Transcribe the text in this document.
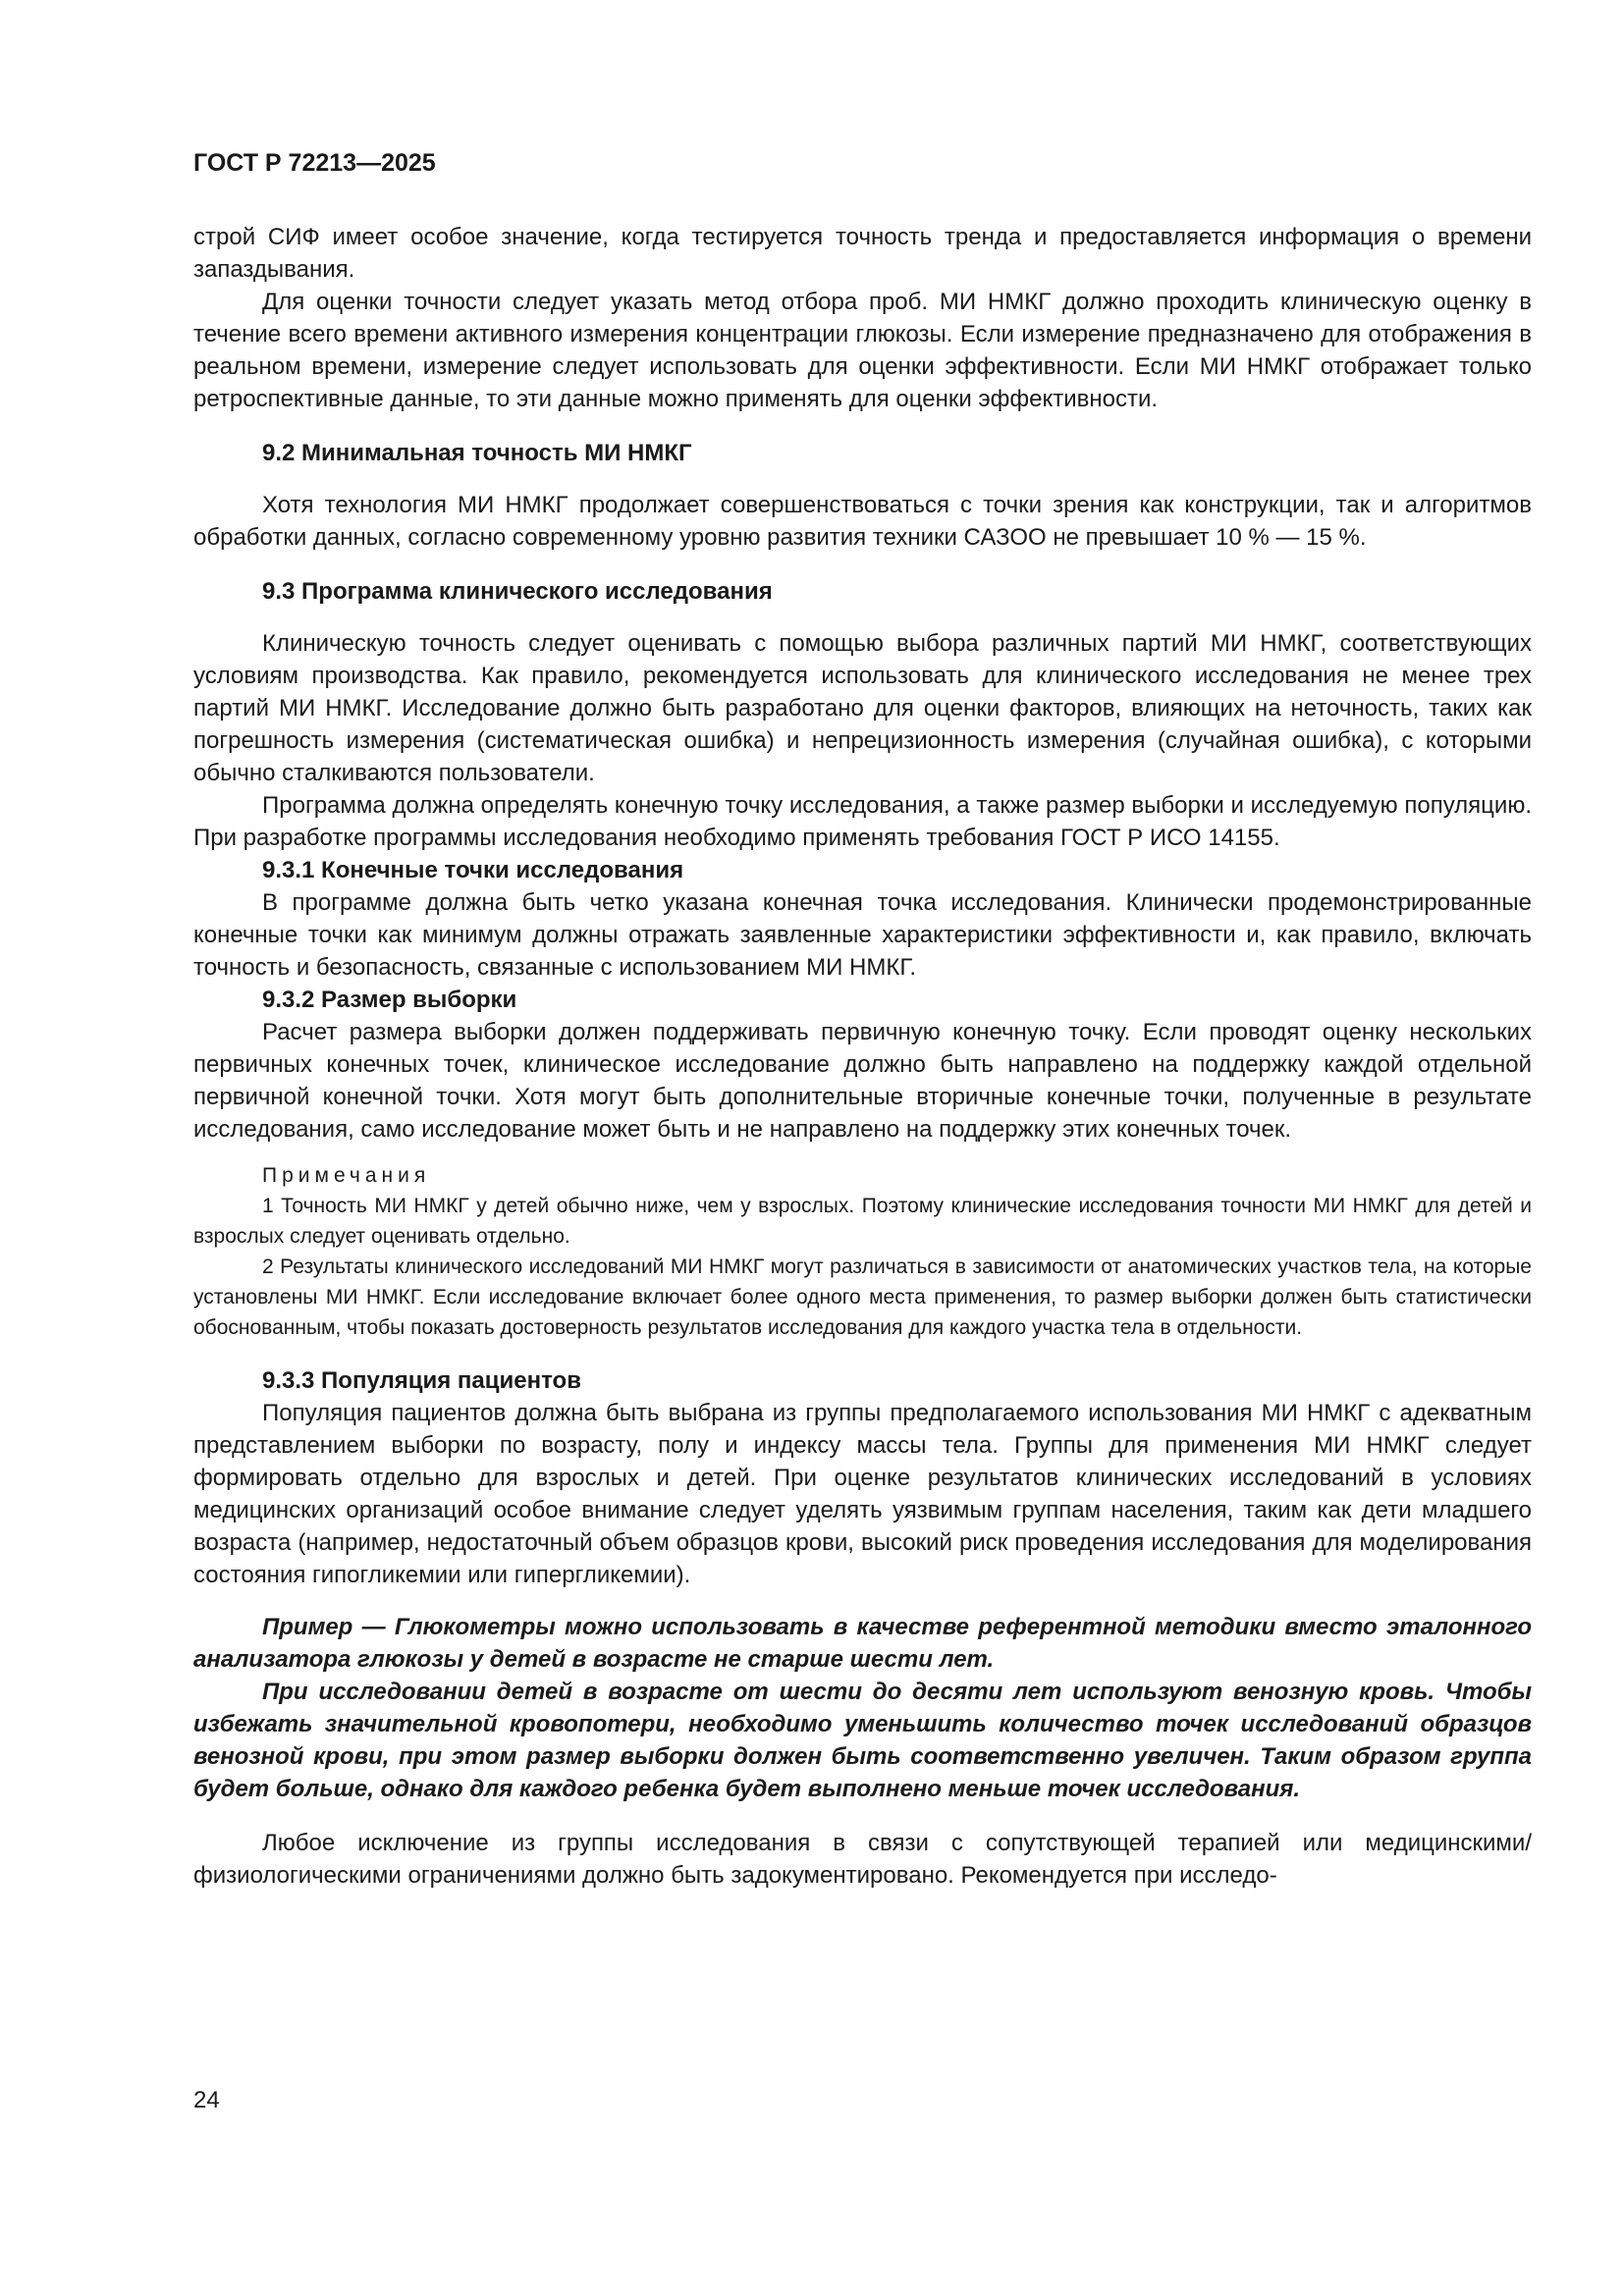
ГОСТ Р 72213—2025

строй СИФ имеет особое значение, когда тестируется точность тренда и предоставляется информация о времени запаздывания.

Для оценки точности следует указать метод отбора проб. МИ НМКГ должно проходить клиническую оценку в течение всего времени активного измерения концентрации глюкозы. Если измерение предназначено для отображения в реальном времени, измерение следует использовать для оценки эффективности. Если МИ НМКГ отображает только ретроспективные данные, то эти данные можно применять для оценки эффективности.

9.2 Минимальная точность МИ НМКГ

Хотя технология МИ НМКГ продолжает совершенствоваться с точки зрения как конструкции, так и алгоритмов обработки данных, согласно современному уровню развития техники САЗОО не превышает 10 % — 15 %.

9.3 Программа клинического исследования

Клиническую точность следует оценивать с помощью выбора различных партий МИ НМКГ, соответствующих условиям производства. Как правило, рекомендуется использовать для клинического исследования не менее трех партий МИ НМКГ. Исследование должно быть разработано для оценки факторов, влияющих на неточность, таких как погрешность измерения (систематическая ошибка) и непрецизионность измерения (случайная ошибка), с которыми обычно сталкиваются пользователи.

Программа должна определять конечную точку исследования, а также размер выборки и исследуемую популяцию. При разработке программы исследования необходимо применять требования ГОСТ Р ИСО 14155.

9.3.1 Конечные точки исследования

В программе должна быть четко указана конечная точка исследования. Клинически продемонстрированные конечные точки как минимум должны отражать заявленные характеристики эффективности и, как правило, включать точность и безопасность, связанные с использованием МИ НМКГ.

9.3.2 Размер выборки

Расчет размера выборки должен поддерживать первичную конечную точку. Если проводят оценку нескольких первичных конечных точек, клиническое исследование должно быть направлено на поддержку каждой отдельной первичной конечной точки. Хотя могут быть дополнительные вторичные конечные точки, полученные в результате исследования, само исследование может быть и не направлено на поддержку этих конечных точек.

Примечания

1 Точность МИ НМКГ у детей обычно ниже, чем у взрослых. Поэтому клинические исследования точности МИ НМКГ для детей и взрослых следует оценивать отдельно.

2 Результаты клинического исследований МИ НМКГ могут различаться в зависимости от анатомических участков тела, на которые установлены МИ НМКГ. Если исследование включает более одного места применения, то размер выборки должен быть статистически обоснованным, чтобы показать достоверность результатов исследования для каждого участка тела в отдельности.

9.3.3 Популяция пациентов

Популяция пациентов должна быть выбрана из группы предполагаемого использования МИ НМКГ с адекватным представлением выборки по возрасту, полу и индексу массы тела. Группы для применения МИ НМКГ следует формировать отдельно для взрослых и детей. При оценке результатов клинических исследований в условиях медицинских организаций особое внимание следует уделять уязвимым группам населения, таким как дети младшего возраста (например, недостаточный объем образцов крови, высокий риск проведения исследования для моделирования состояния гипогликемии или гипергликемии).

Пример — Глюкометры можно использовать в качестве референтной методики вместо эталонного анализатора глюкозы у детей в возрасте не старше шести лет.

При исследовании детей в возрасте от шести до десяти лет используют венозную кровь. Чтобы избежать значительной кровопотери, необходимо уменьшить количество точек исследований образцов венозной крови, при этом размер выборки должен быть соответственно увеличен. Таким образом группа будет больше, однако для каждого ребенка будет выполнено меньше точек исследования.

Любое исключение из группы исследования в связи с сопутствующей терапией или медицинскими/физиологическими ограничениями должно быть задокументировано. Рекомендуется при исследо-

24
